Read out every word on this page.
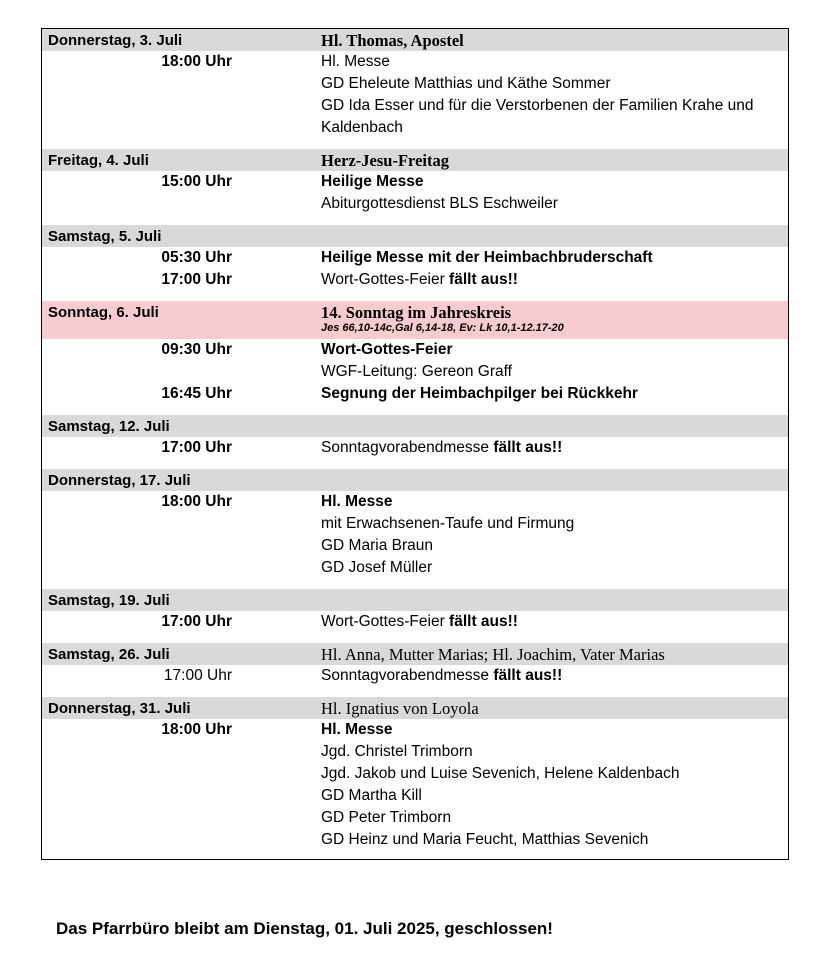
Donnerstag, 3. Juli	Hl. Thomas, Apostel
18:00 Uhr	Hl. Messe
GD Eheleute Matthias und Käthe Sommer
GD Ida Esser und für die Verstorbenen der Familien Krahe und
Kaldenbach
Freitag, 4. Juli	Herz-Jesu-Freitag
15:00 Uhr	Heilige Messe
Abiturgottesdienst BLS Eschweiler
Samstag, 5. Juli
05:30 Uhr	Heilige Messe mit der Heimbachbruderschaft
17:00 Uhr	Wort-Gottes-Feier fällt aus!!
Sonntag, 6. Juli	14. Sonntag im Jahreskreis
Jes 66,10-14c,Gal 6,14-18, Ev: Lk 10,1-12.17-20
09:30 Uhr	Wort-Gottes-Feier
WGF-Leitung: Gereon Graff
16:45 Uhr	Segnung der Heimbachpilger bei Rückkehr
Samstag, 12. Juli
17:00 Uhr	Sonntagvorabendmesse fällt aus!!
Donnerstag, 17. Juli
18:00 Uhr	Hl. Messe
mit Erwachsenen-Taufe und Firmung
GD Maria Braun
GD Josef Müller
Samstag, 19. Juli
17:00 Uhr	Wort-Gottes-Feier fällt aus!!
Samstag, 26. Juli	Hl. Anna, Mutter Marias; Hl. Joachim, Vater Marias
17:00 Uhr	Sonntagvorabendmesse fällt aus!!
Donnerstag, 31. Juli	Hl. Ignatius von Loyola
18:00 Uhr	Hl. Messe
Jgd. Christel Trimborn
Jgd. Jakob und Luise Sevenich, Helene Kaldenbach
GD Martha Kill
GD Peter Trimborn
GD Heinz und Maria Feucht, Matthias Sevenich
Das Pfarrbüro bleibt am Dienstag, 01. Juli 2025, geschlossen!
